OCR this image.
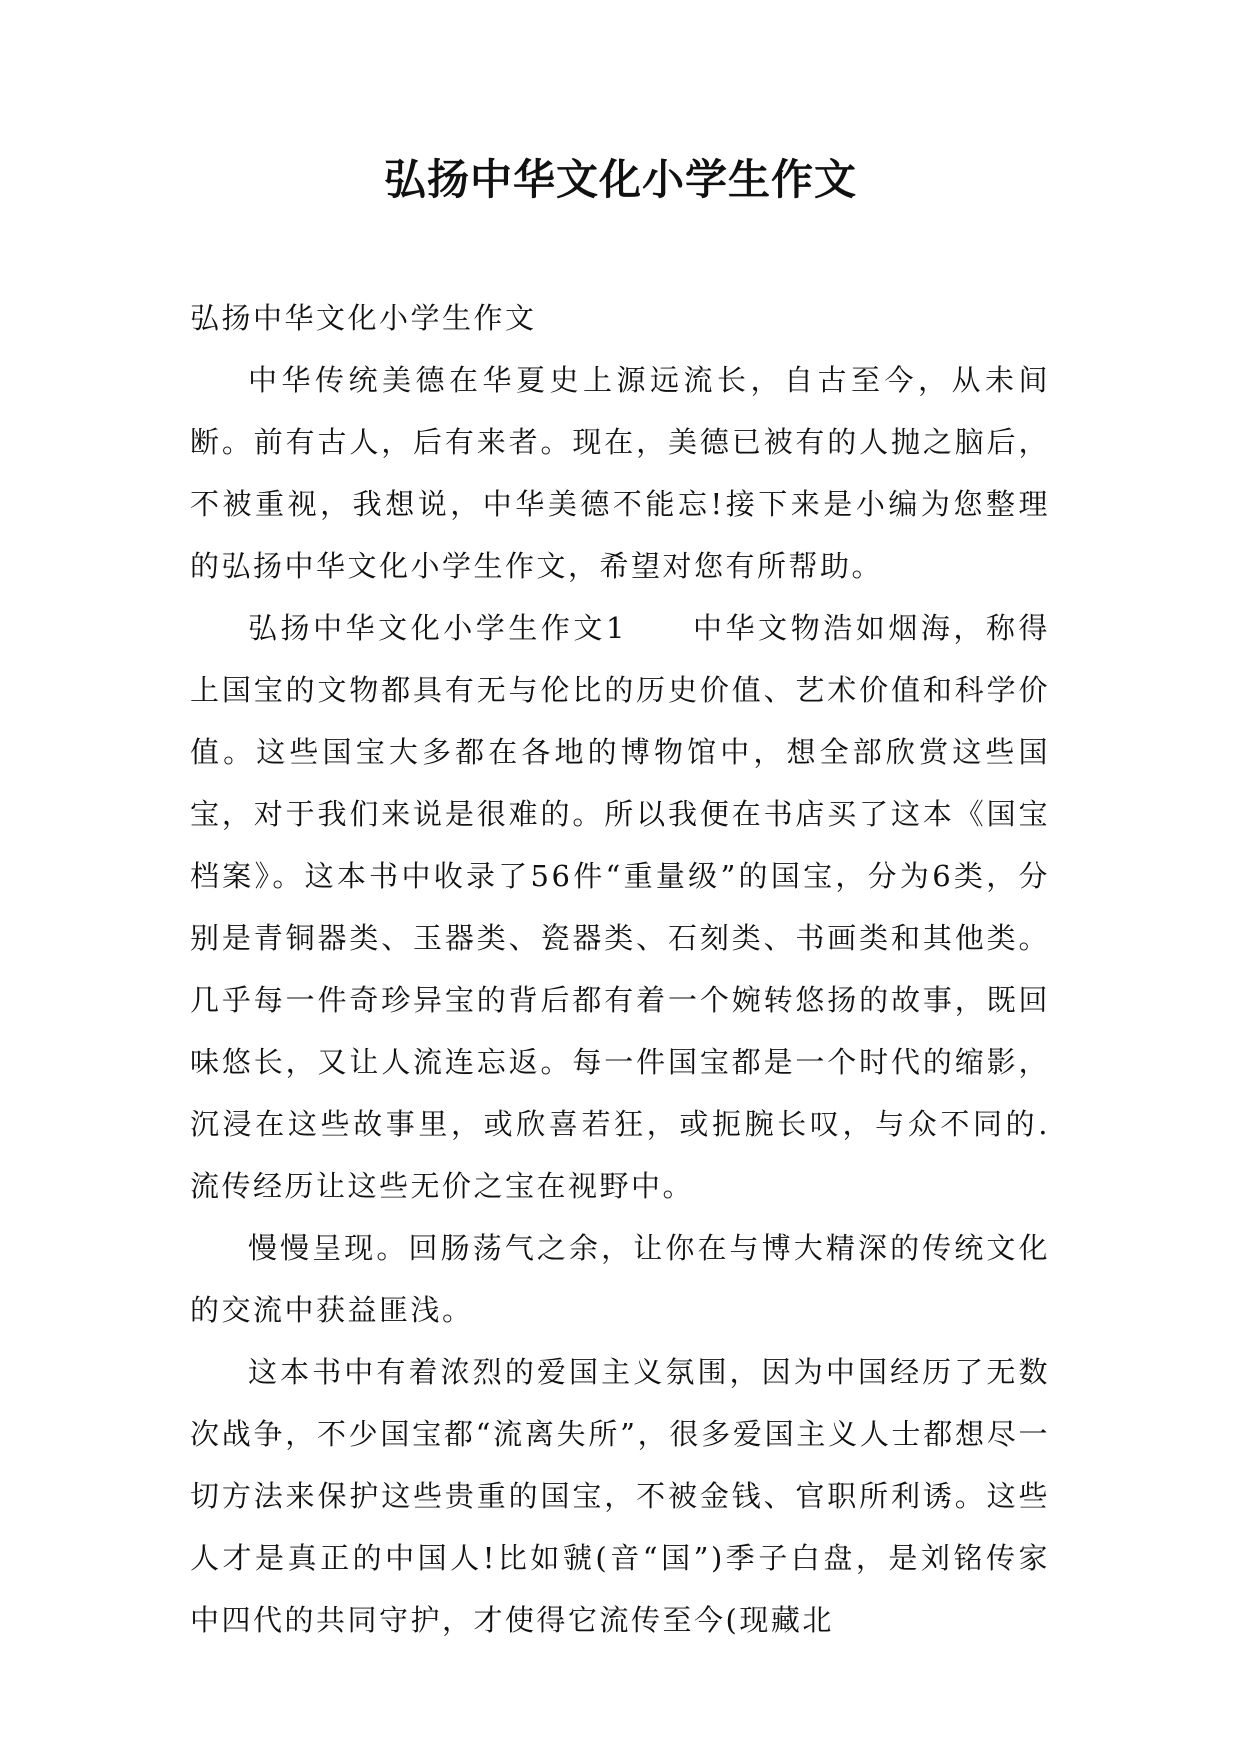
弘扬中华文化小学生作文

弘扬中华文化小学生作文

中华传统美德在华夏史上源远流长，自古至今，从未间断。前有古人，后有来者。现在，美德已被有的人抛之脑后，不被重视，我想说，中华美德不能忘!接下来是小编为您整理的弘扬中华文化小学生作文，希望对您有所帮助。

弘扬中华文化小学生作文1　　中华文物浩如烟海，称得上国宝的文物都具有无与伦比的历史价值、艺术价值和科学价值。这些国宝大多都在各地的博物馆中，想全部欣赏这些国宝，对于我们来说是很难的。所以我便在书店买了这本《国宝档案》。这本书中收录了56件“重量级”的国宝，分为6类，分别是青铜器类、玉器类、瓷器类、石刻类、书画类和其他类。几乎每一件奇珍异宝的背后都有着一个婉转悠扬的故事，既回味悠长，又让人流连忘返。每一件国宝都是一个时代的缩影，沉浸在这些故事里，或欣喜若狂，或扼腕长叹，与众不同的.流传经历让这些无价之宝在视野中。

慢慢呈现。回肠荡气之余，让你在与博大精深的传统文化的交流中获益匪浅。

这本书中有着浓烈的爱国主义氛围，因为中国经历了无数次战争，不少国宝都“流离失所”，很多爱国主义人士都想尽一切方法来保护这些贵重的国宝，不被金钱、官职所利诱。这些人才是真正的中国人!比如虢(音“国”)季子白盘，是刘铭传家中四代的共同守护，才使得它流传至今(现藏北
